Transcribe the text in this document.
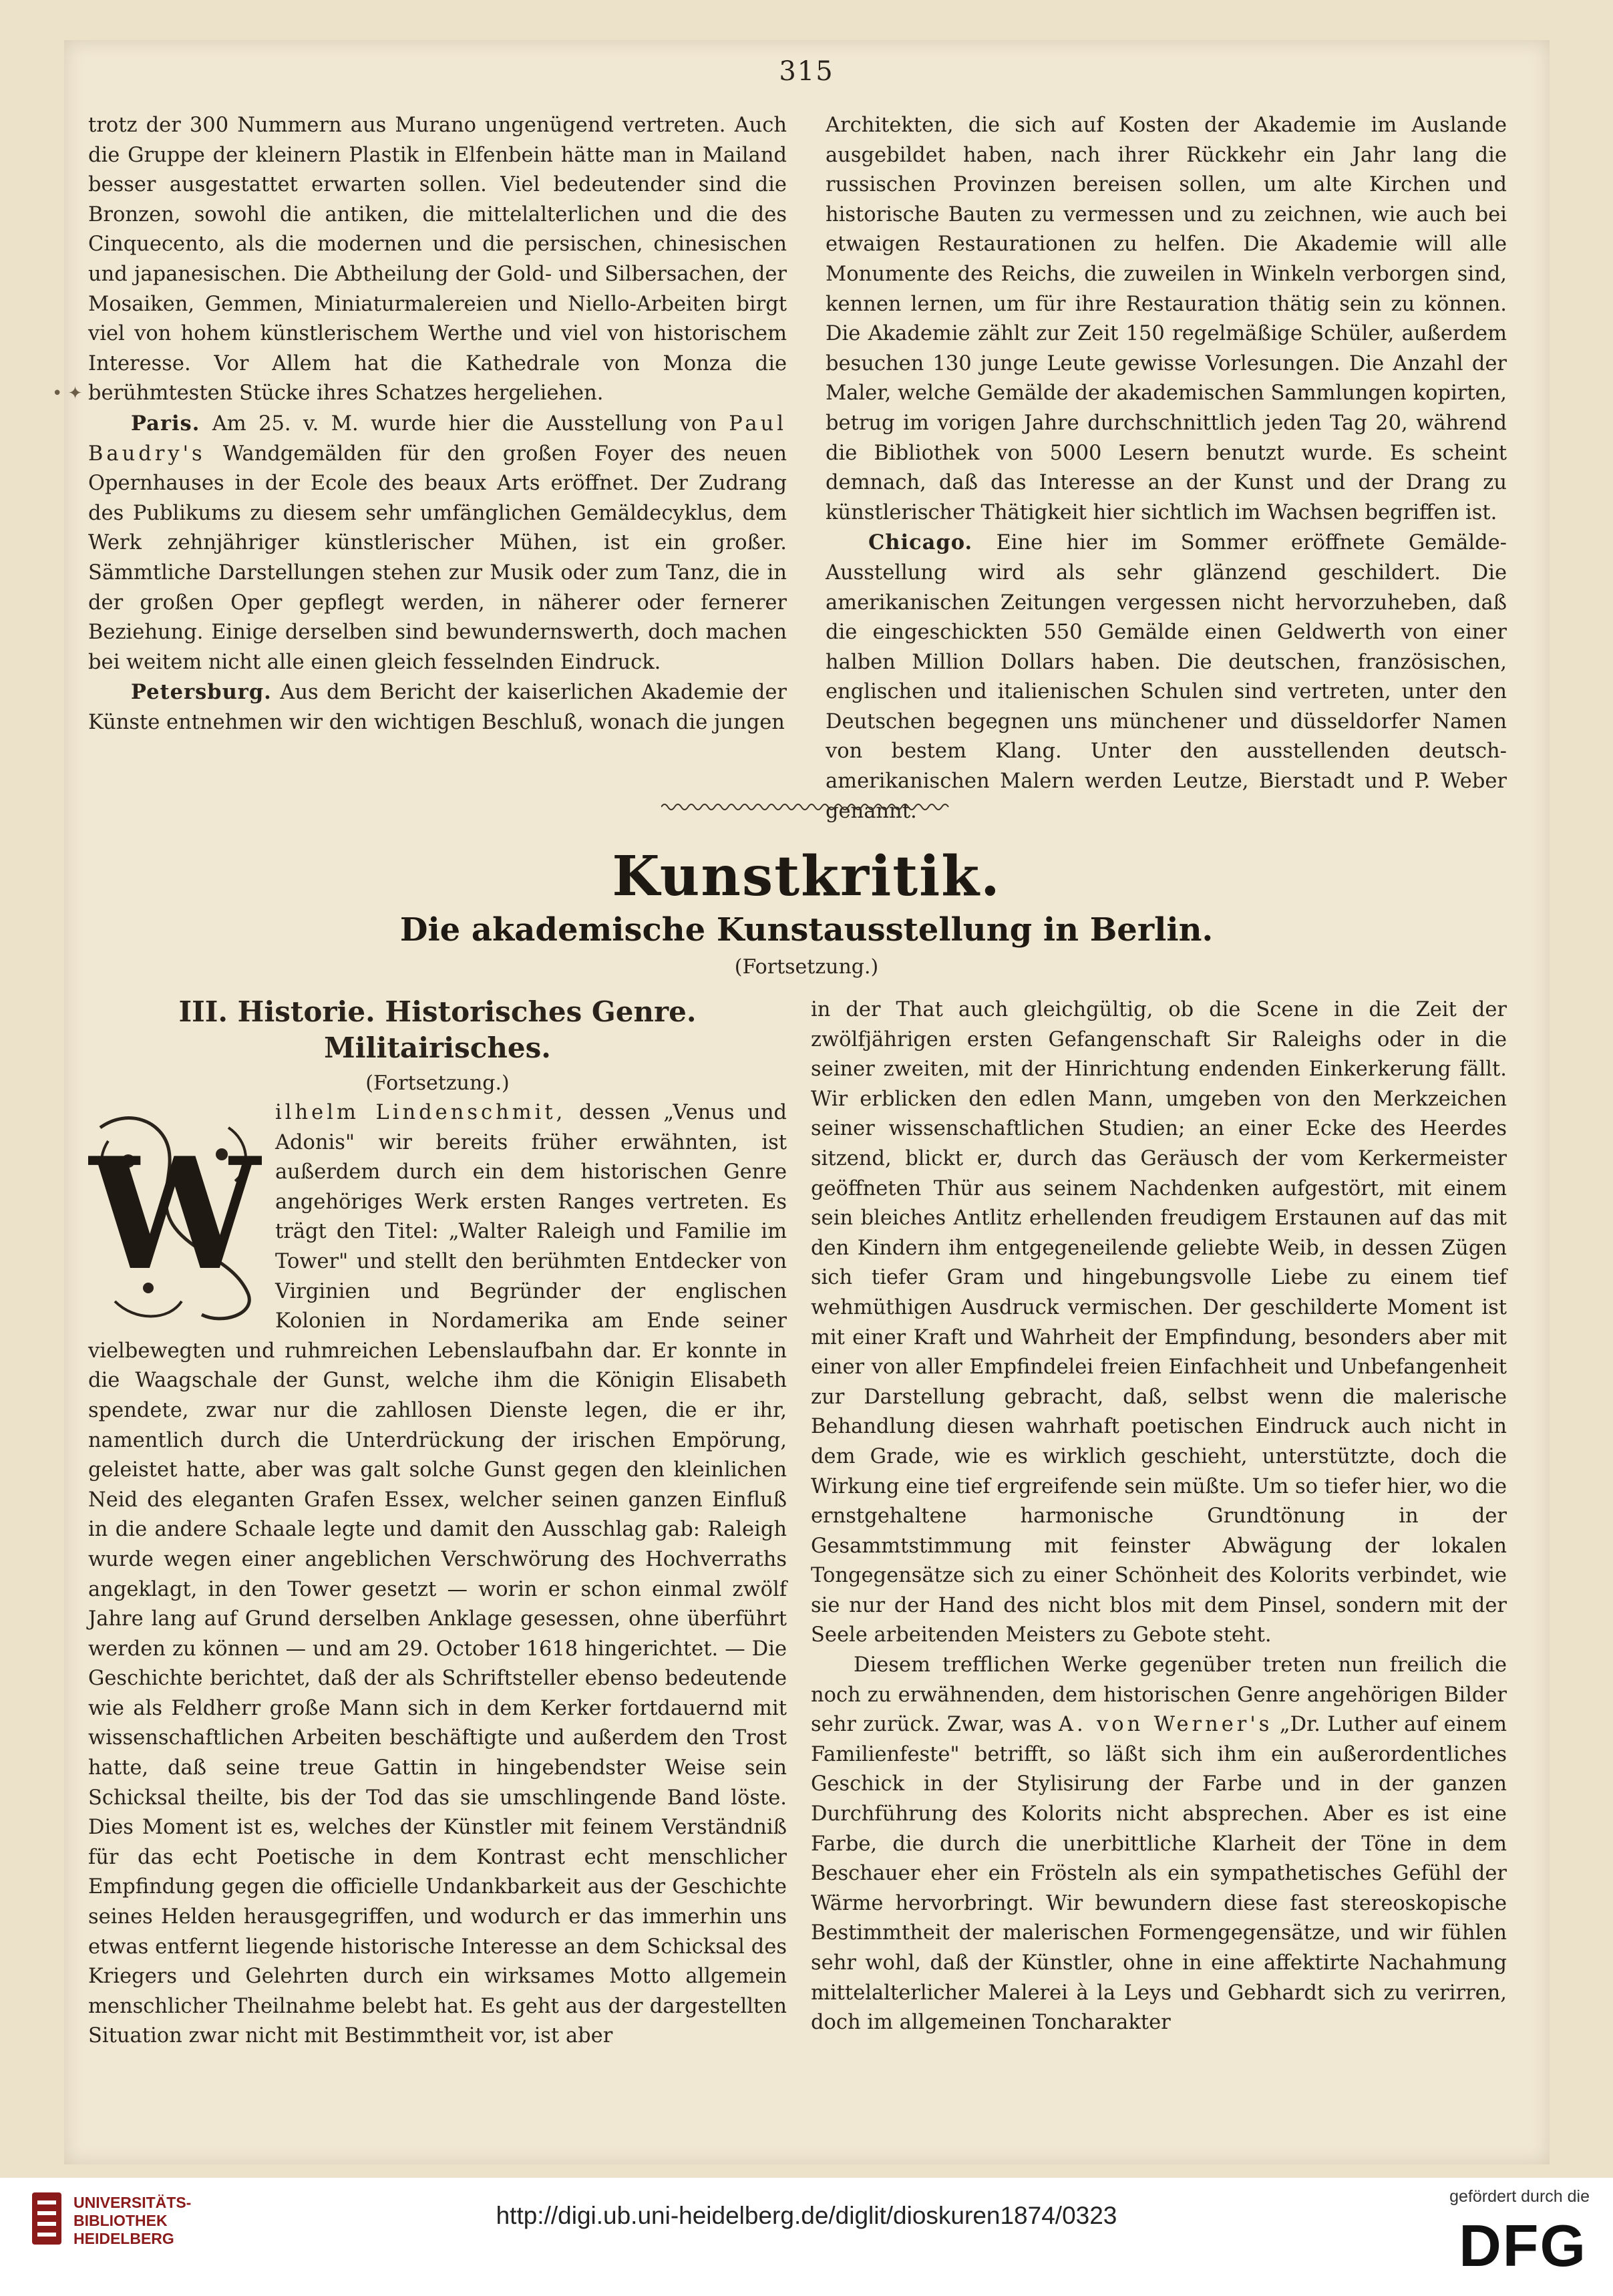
315
• ✦

trotz der 300 Nummern aus Murano ungenügend vertreten. Auch die Gruppe der kleinern Plastik in Elfenbein hätte man in Mailand besser ausgestattet erwarten sollen. Viel bedeutender sind die Bronzen, sowohl die antiken, die mittelalterlichen und die des Cinquecento, als die modernen und die persischen, chinesischen und japanesischen. Die Abtheilung der Gold- und Silbersachen, der Mosaiken, Gemmen, Miniaturmalereien und Niello-Arbeiten birgt viel von hohem künstlerischem Werthe und viel von historischem Interesse. Vor Allem hat die Kathedrale von Monza die berühmtesten Stücke ihres Schatzes hergeliehen.

Paris. Am 25. v. M. wurde hier die Ausstellung von Paul Baudry's Wandgemälden für den großen Foyer des neuen Opernhauses in der Ecole des beaux Arts eröffnet. Der Zudrang des Publikums zu diesem sehr umfänglichen Gemäldecyklus, dem Werk zehnjähriger künstlerischer Mühen, ist ein großer. Sämmtliche Darstellungen stehen zur Musik oder zum Tanz, die in der großen Oper gepflegt werden, in näherer oder fernerer Beziehung. Einige derselben sind bewundernswerth, doch machen bei weitem nicht alle einen gleich fesselnden Eindruck.

Petersburg. Aus dem Bericht der kaiserlichen Akademie der Künste entnehmen wir den wichtigen Beschluß, wonach die jungen

Architekten, die sich auf Kosten der Akademie im Auslande ausgebildet haben, nach ihrer Rückkehr ein Jahr lang die russischen Provinzen bereisen sollen, um alte Kirchen und historische Bauten zu vermessen und zu zeichnen, wie auch bei etwaigen Restaurationen zu helfen. Die Akademie will alle Monumente des Reichs, die zuweilen in Winkeln verborgen sind, kennen lernen, um für ihre Restauration thätig sein zu können. Die Akademie zählt zur Zeit 150 regelmäßige Schüler, außerdem besuchen 130 junge Leute gewisse Vorlesungen. Die Anzahl der Maler, welche Gemälde der akademischen Sammlungen kopirten, betrug im vorigen Jahre durchschnittlich jeden Tag 20, während die Bibliothek von 5000 Lesern benutzt wurde. Es scheint demnach, daß das Interesse an der Kunst und der Drang zu künstlerischer Thätigkeit hier sichtlich im Wachsen begriffen ist.

Chicago. Eine hier im Sommer eröffnete Gemälde-Ausstellung wird als sehr glänzend geschildert. Die amerikanischen Zeitungen vergessen nicht hervorzuheben, daß die eingeschickten 550 Gemälde einen Geldwerth von einer halben Million Dollars haben. Die deutschen, französischen, englischen und italienischen Schulen sind vertreten, unter den Deutschen begegnen uns münchener und düsseldorfer Namen von bestem Klang. Unter den ausstellenden deutsch-amerikanischen Malern werden Leutze, Bierstadt und P. Weber genannt.

Kunstkritik.
Die akademische Kunstausstellung in Berlin.
(Fortsetzung.)
III. Historie. Historisches Genre. Militairisches.
(Fortsetzung.)
W

ilhelm Lindenschmit, dessen „Venus und Adonis" wir bereits früher erwähnten, ist außerdem durch ein dem historischen Genre angehöriges Werk ersten Ranges vertreten. Es trägt den Titel: „Walter Raleigh und Familie im Tower" und stellt den berühmten Entdecker von Virginien und Begründer der englischen Kolonien in Nordamerika am Ende seiner vielbewegten und ruhmreichen Lebenslaufbahn dar. Er konnte in die Waagschale der Gunst, welche ihm die Königin Elisabeth spendete, zwar nur die zahllosen Dienste legen, die er ihr, namentlich durch die Unterdrückung der irischen Empörung, geleistet hatte, aber was galt solche Gunst gegen den kleinlichen Neid des eleganten Grafen Essex, welcher seinen ganzen Einfluß in die andere Schaale legte und damit den Ausschlag gab: Raleigh wurde wegen einer angeblichen Verschwörung des Hochverraths angeklagt, in den Tower gesetzt — worin er schon einmal zwölf Jahre lang auf Grund derselben Anklage gesessen, ohne überführt werden zu können — und am 29. October 1618 hingerichtet. — Die Geschichte berichtet, daß der als Schriftsteller ebenso bedeutende wie als Feldherr große Mann sich in dem Kerker fortdauernd mit wissenschaftlichen Arbeiten beschäftigte und außerdem den Trost hatte, daß seine treue Gattin in hingebendster Weise sein Schicksal theilte, bis der Tod das sie umschlingende Band löste. Dies Moment ist es, welches der Künstler mit feinem Verständniß für das echt Poetische in dem Kontrast echt menschlicher Empfindung gegen die officielle Undankbarkeit aus der Geschichte seines Helden herausgegriffen, und wodurch er das immerhin uns etwas entfernt liegende historische Interesse an dem Schicksal des Kriegers und Gelehrten durch ein wirksames Motto allgemein menschlicher Theilnahme belebt hat. Es geht aus der dargestellten Situation zwar nicht mit Bestimmtheit vor, ist aber

in der That auch gleichgültig, ob die Scene in die Zeit der zwölfjährigen ersten Gefangenschaft Sir Raleighs oder in die seiner zweiten, mit der Hinrichtung endenden Einkerkerung fällt. Wir erblicken den edlen Mann, umgeben von den Merkzeichen seiner wissenschaftlichen Studien; an einer Ecke des Heerdes sitzend, blickt er, durch das Geräusch der vom Kerkermeister geöffneten Thür aus seinem Nachdenken aufgestört, mit einem sein bleiches Antlitz erhellenden freudigem Erstaunen auf das mit den Kindern ihm entgegeneilende geliebte Weib, in dessen Zügen sich tiefer Gram und hingebungsvolle Liebe zu einem tief wehmüthigen Ausdruck vermischen. Der geschilderte Moment ist mit einer Kraft und Wahrheit der Empfindung, besonders aber mit einer von aller Empfindelei freien Einfachheit und Unbefangenheit zur Darstellung gebracht, daß, selbst wenn die malerische Behandlung diesen wahrhaft poetischen Eindruck auch nicht in dem Grade, wie es wirklich geschieht, unterstützte, doch die Wirkung eine tief ergreifende sein müßte. Um so tiefer hier, wo die ernstgehaltene harmonische Grundtönung in der Gesammtstimmung mit feinster Abwägung der lokalen Tongegensätze sich zu einer Schönheit des Kolorits verbindet, wie sie nur der Hand des nicht blos mit dem Pinsel, sondern mit der Seele arbeitenden Meisters zu Gebote steht.

Diesem trefflichen Werke gegenüber treten nun freilich die noch zu erwähnenden, dem historischen Genre angehörigen Bilder sehr zurück. Zwar, was A. von Werner's „Dr. Luther auf einem Familienfeste" betrifft, so läßt sich ihm ein außerordentliches Geschick in der Stylisirung der Farbe und in der ganzen Durchführung des Kolorits nicht absprechen. Aber es ist eine Farbe, die durch die unerbittliche Klarheit der Töne in dem Beschauer eher ein Frösteln als ein sympathetisches Gefühl der Wärme hervorbringt. Wir bewundern diese fast stereoskopische Bestimmtheit der malerischen Formengegensätze, und wir fühlen sehr wohl, daß der Künstler, ohne in eine affektirte Nachahmung mittelalterlicher Malerei à la Leys und Gebhardt sich zu verirren, doch im allgemeinen Toncharakter

UNIVERSITÄTS-
BIBLIOTHEK
HEIDELBERG
http://digi.ub.uni-heidelberg.de/diglit/dioskuren1874/0323
gefördert durch die
DFG
